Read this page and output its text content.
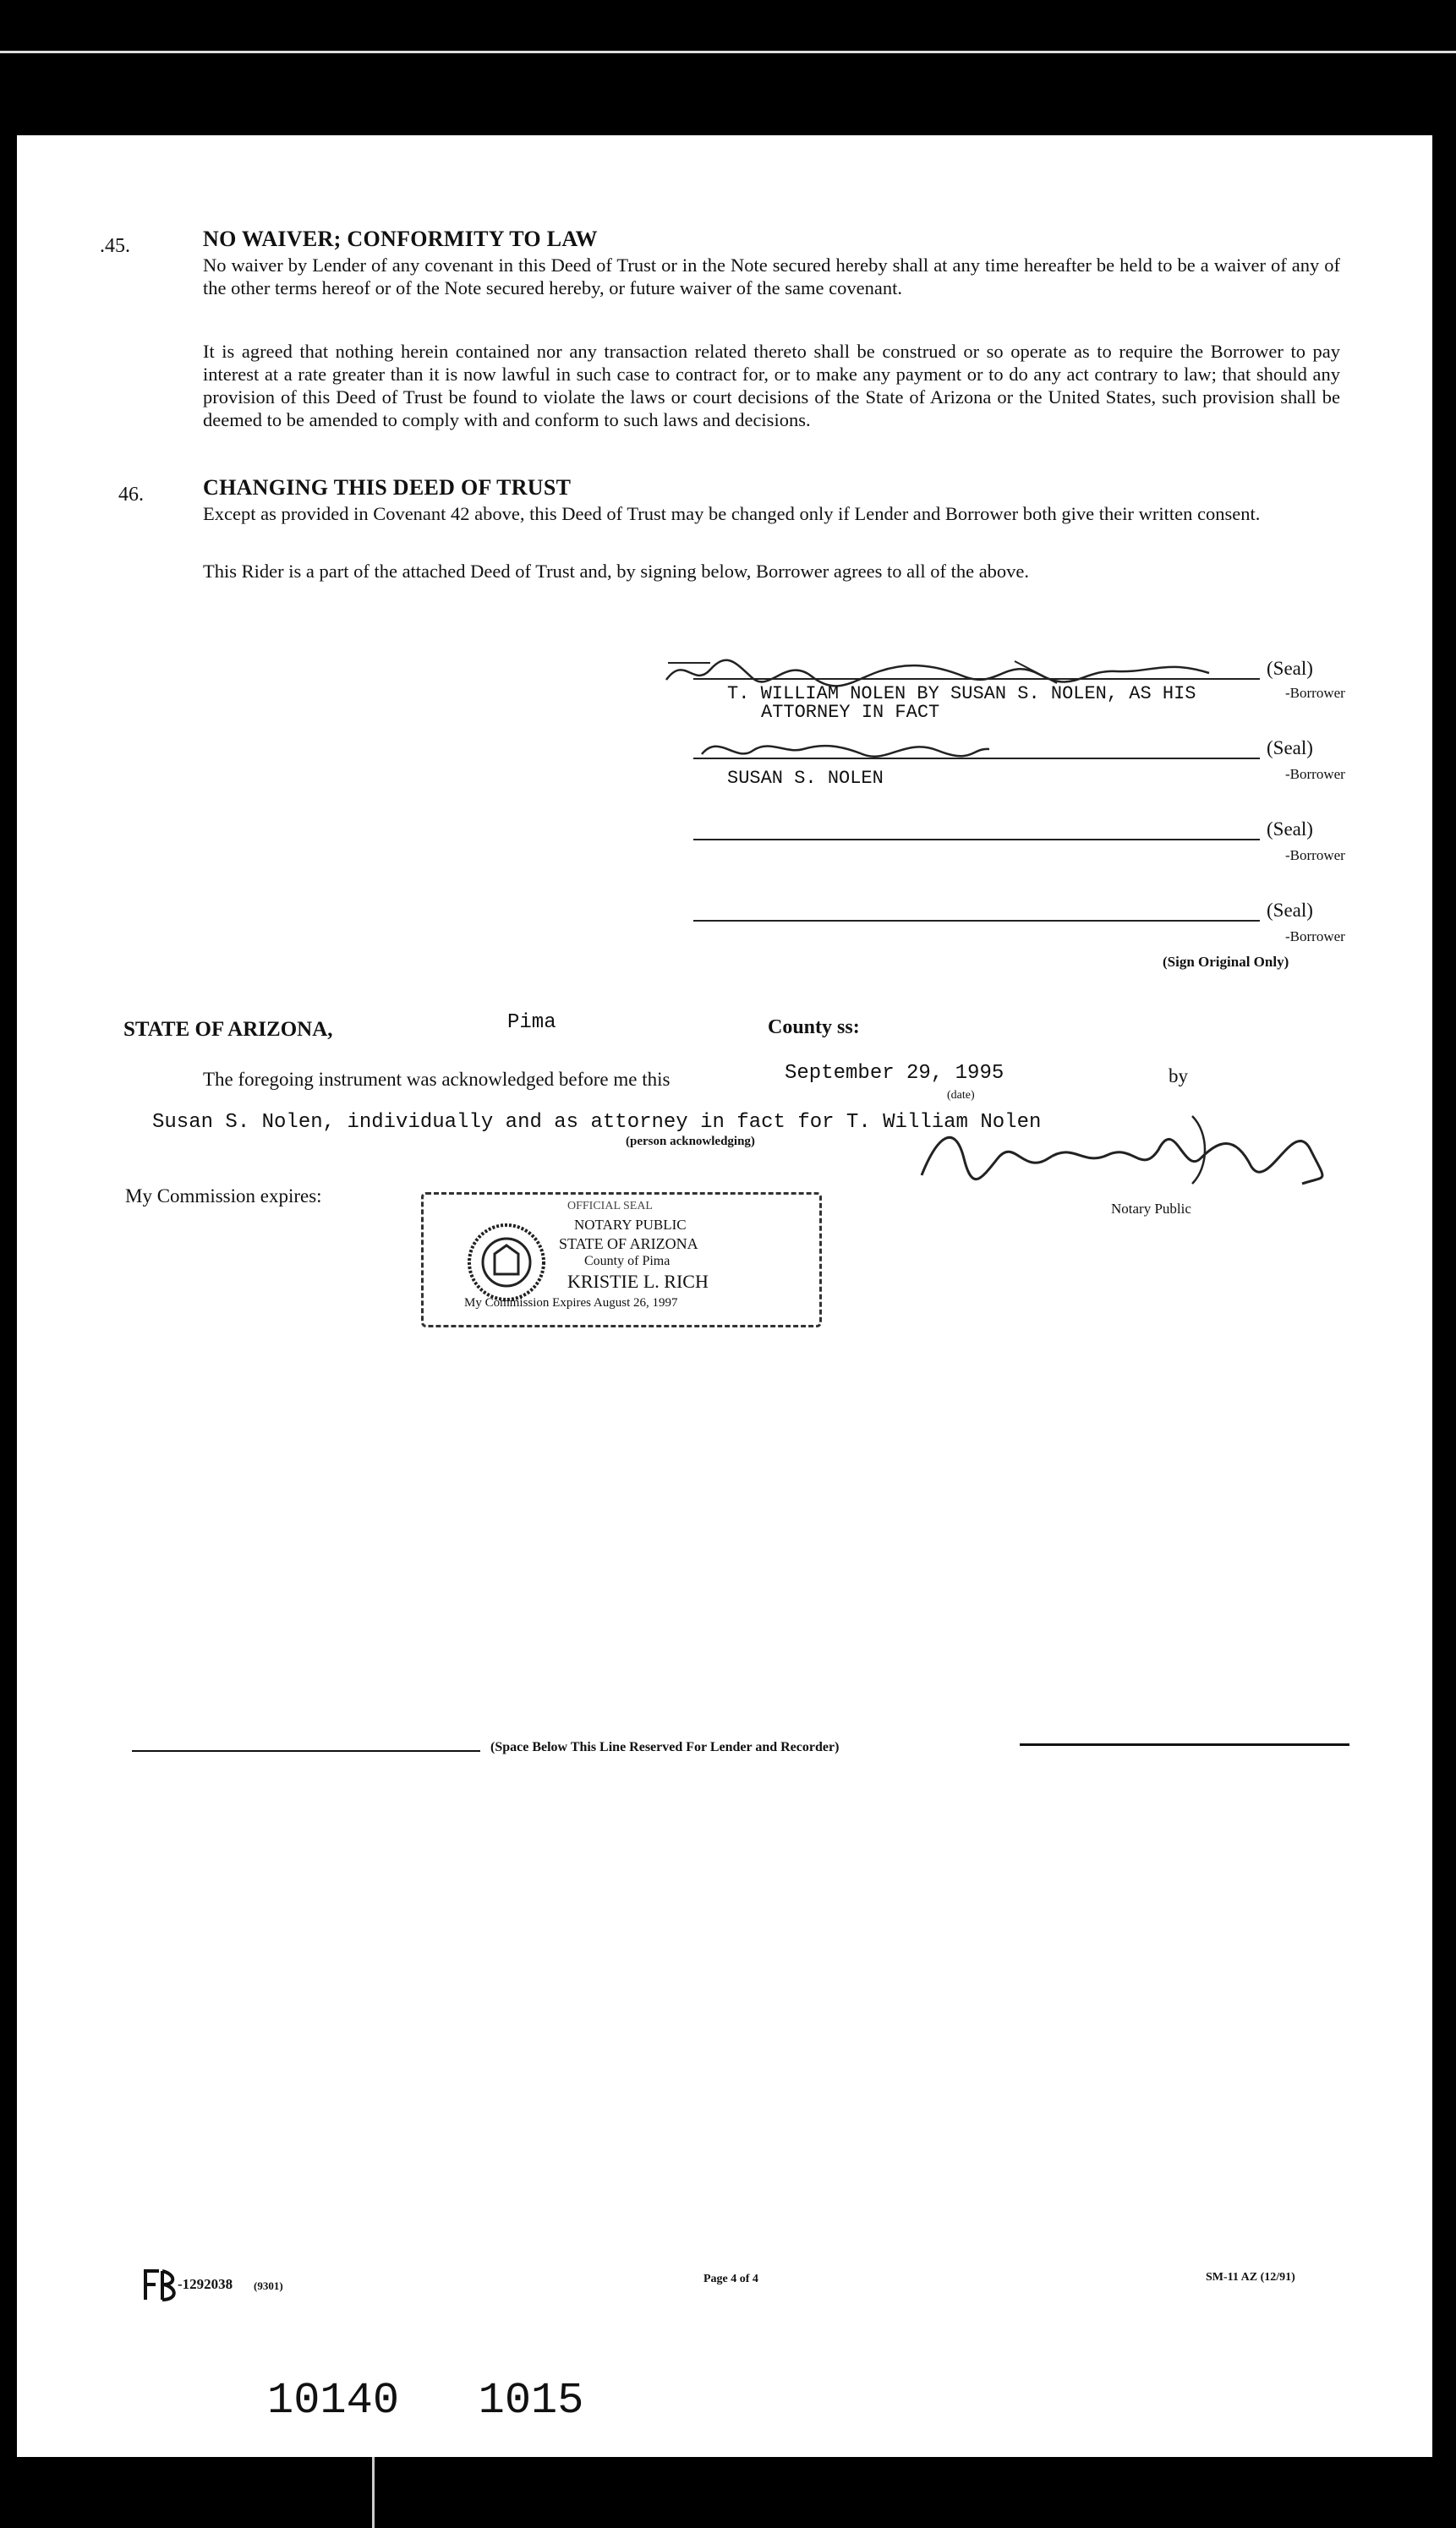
.45.	NO WAIVER; CONFORMITY TO LAW
No waiver by Lender of any covenant in this Deed of Trust or in the Note secured hereby shall at any time hereafter be held to be a waiver of any of the other terms hereof or of the Note secured hereby, or future waiver of the same covenant.
It is agreed that nothing herein contained nor any transaction related thereto shall be construed or so operate as to require the Borrower to pay interest at a rate greater than it is now lawful in such case to contract for, or to make any payment or to do any act contrary to law; that should any provision of this Deed of Trust be found to violate the laws or court decisions of the State of Arizona or the United States, such provision shall be deemed to be amended to comply with and conform to such laws and decisions.
46.	CHANGING THIS DEED OF TRUST
Except as provided in Covenant 42 above, this Deed of Trust may be changed only if Lender and Borrower both give their written consent.
This Rider is a part of the attached Deed of Trust and, by signing below, Borrower agrees to all of the above.
(Seal)
T. WILLIAM NOLEN BY SUSAN S. NOLEN, AS HIS
ATTORNEY IN FACT
-Borrower
(Seal)
SUSAN S. NOLEN	-Borrower
(Seal)
-Borrower
(Seal)
-Borrower
(Sign Original Only)
STATE OF ARIZONA,	Pima	County ss:
The foregoing instrument was acknowledged before me this	September 29, 1995	by
(date)
Susan S. Nolen, individually and as attorney in fact for T. William Nolen
(person acknowledging)
Notary Public
My Commission expires:	OFFICIAL SEAL
NOTARY PUBLIC
STATE OF ARIZONA
County of Pima
KRISTIE L. RICH
My Commission Expires August 26, 1997
(Space Below This Line Reserved For Lender and Recorder)
-1292038 (9301)
Page 4 of 4	SM-11 AZ (12/91)
10140   1015
